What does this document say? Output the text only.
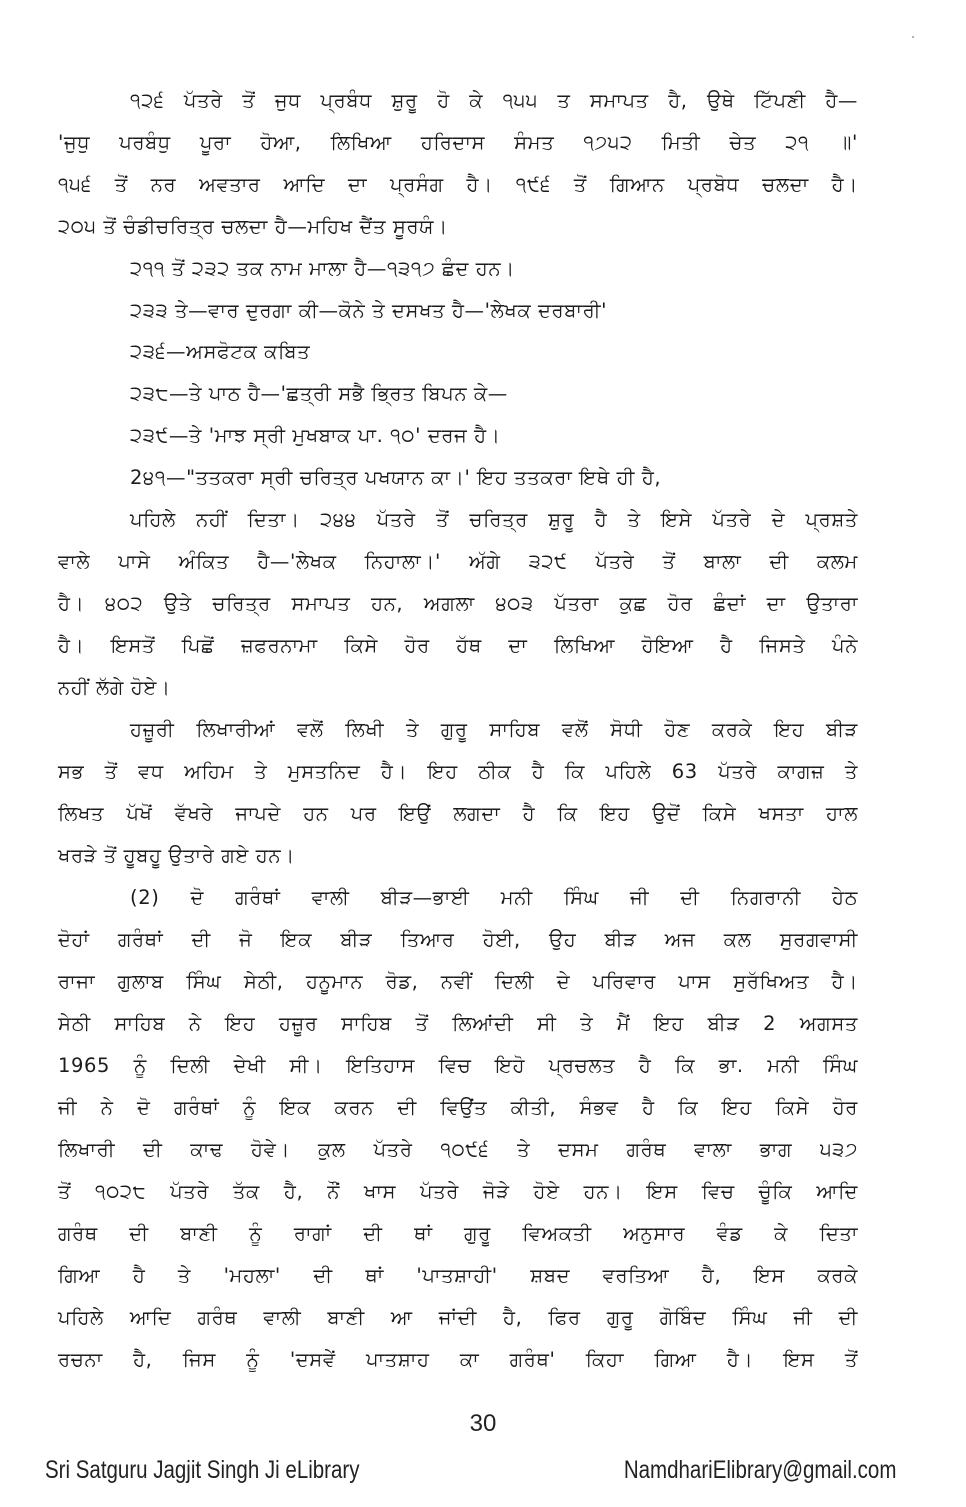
੧੨੬ ਪੱਤਰੇ ਤੋਂ ਜੁਧ ਪ੍ਰਬੰਧ ਸ਼ੁਰੂ ਹੋ ਕੇ ੧੫੫ ਤ ਸਮਾਪਤ ਹੈ, ਉਥੇ ਟਿੱਪਣੀ ਹੈ—
'ਜੁਧੁ ਪਰਬੰਧੁ ਪੂਰਾ ਹੋਆ, ਲਿਖਿਆ ਹਰਿਦਾਸ ਸੰਮਤ ੧੭੫੨ ਮਿਤੀ ਚੇਤ ੨੧ ॥'
੧੫੬ ਤੋਂ ਨਰ ਅਵਤਾਰ ਆਦਿ ਦਾ ਪ੍ਰਸੰਗ ਹੈ। ੧੯੬ ਤੋਂ ਗਿਆਨ ਪ੍ਰਬੋਧ ਚਲਦਾ ਹੈ।
੨੦੫ ਤੋਂ ਚੰਡੀਚਰਿਤ੍ਰ ਚਲਦਾ ਹੈ—ਮਹਿਖ ਦੈਂਤ ਸੂਰਯੰ।
੨੧੧ ਤੋਂ ੨੩੨ ਤਕ ਨਾਮ ਮਾਲਾ ਹੈ—੧੩੧੭ ਛੰਦ ਹਨ।
੨੩੩ ਤੇ—ਵਾਰ ਦੁਰਗਾ ਕੀ—ਕੋਨੇ ਤੇ ਦਸਖਤ ਹੈ—'ਲੇਖਕ ਦਰਬਾਰੀ'
੨੩੬—ਅਸਫੋਟਕ ਕਬਿਤ
੨੩੮—ਤੇ ਪਾਠ ਹੈ—'ਛਤ੍ਰੀ ਸਭੈ ਭ੍ਰਿਤ ਬਿਪਨ ਕੇ—
੨੩੯—ਤੇ 'ਮਾਝ ਸ੍ਰੀ ਮੁਖਬਾਕ ਪਾ. ੧੦' ਦਰਜ ਹੈ।
2੪੧—"ਤਤਕਰਾ ਸ੍ਰੀ ਚਰਿਤ੍ਰ ਪਖਯਾਨ ਕਾ।' ਇਹ ਤਤਕਰਾ ਇਥੇ ਹੀ ਹੈ,
ਪਹਿਲੇ ਨਹੀਂ ਦਿਤਾ। ੨੪੪ ਪੱਤਰੇ ਤੋਂ ਚਰਿਤ੍ਰ ਸ਼ੁਰੂ ਹੈ ਤੇ ਇਸੇ ਪੱਤਰੇ ਦੇ ਪ੍ਰਸ਼ਤੇ
ਵਾਲੇ ਪਾਸੇ ਅੰਕਿਤ ਹੈ—'ਲੇਖਕ ਨਿਹਾਲਾ।' ਅੱਗੇ ੩੨੯ ਪੱਤਰੇ ਤੋਂ ਬਾਲਾ ਦੀ ਕਲਮ
ਹੈ। ੪੦੨ ਉਤੇ ਚਰਿਤ੍ਰ ਸਮਾਪਤ ਹਨ, ਅਗਲਾ ੪੦੩ ਪੱਤਰਾ ਕੁਛ ਹੋਰ ਛੰਦਾਂ ਦਾ ਉਤਾਰਾ
ਹੈ। ਇਸਤੋਂ ਪਿਛੋਂ ਜ਼ਫਰਨਾਮਾ ਕਿਸੇ ਹੋਰ ਹੱਥ ਦਾ ਲਿਖਿਆ ਹੋਇਆ ਹੈ ਜਿਸਤੇ ਪੰਨੇ
ਨਹੀਂ ਲੱਗੇ ਹੋਏ।
ਹਜ਼ੂਰੀ ਲਿਖਾਰੀਆਂ ਵਲੋਂ ਲਿਖੀ ਤੇ ਗੁਰੂ ਸਾਹਿਬ ਵਲੋਂ ਸੋਧੀ ਹੋਣ ਕਰਕੇ ਇਹ ਬੀੜ
ਸਭ ਤੋਂ ਵਧ ਅਹਿਮ ਤੇ ਮੁਸਤਨਿਦ ਹੈ। ਇਹ ਠੀਕ ਹੈ ਕਿ ਪਹਿਲੇ 63 ਪੱਤਰੇ ਕਾਗਜ਼ ਤੇ
ਲਿਖਤ ਪੱਖੋਂ ਵੱਖਰੇ ਜਾਪਦੇ ਹਨ ਪਰ ਇਉਂ ਲਗਦਾ ਹੈ ਕਿ ਇਹ ਉਦੋਂ ਕਿਸੇ ਖਸਤਾ ਹਾਲ
ਖਰੜੇ ਤੋਂ ਹੂਬਹੂ ਉਤਾਰੇ ਗਏ ਹਨ।
(2) ਦੋ ਗਰੰਥਾਂ ਵਾਲੀ ਬੀੜ—ਭਾਈ ਮਨੀ ਸਿੰਘ ਜੀ ਦੀ ਨਿਗਰਾਨੀ ਹੇਠ
ਦੋਹਾਂ ਗਰੰਥਾਂ ਦੀ ਜੋ ਇਕ ਬੀੜ ਤਿਆਰ ਹੋਈ, ਉਹ ਬੀੜ ਅਜ ਕਲ ਸੁਰਗਵਾਸੀ
ਰਾਜਾ ਗੁਲਾਬ ਸਿੰਘ ਸੇਠੀ, ਹਨੂਮਾਨ ਰੋਡ, ਨਵੀਂ ਦਿਲੀ ਦੇ ਪਰਿਵਾਰ ਪਾਸ ਸੁਰੱਖਿਅਤ ਹੈ।
ਸੇਠੀ ਸਾਹਿਬ ਨੇ ਇਹ ਹਜ਼ੂਰ ਸਾਹਿਬ ਤੋਂ ਲਿਆਂਦੀ ਸੀ ਤੇ ਮੈਂ ਇਹ ਬੀੜ 2 ਅਗਸਤ
1965 ਨੂੰ ਦਿਲੀ ਦੇਖੀ ਸੀ। ਇਤਿਹਾਸ ਵਿਚ ਇਹੋ ਪ੍ਰਚਲਤ ਹੈ ਕਿ ਭਾ. ਮਨੀ ਸਿੰਘ
ਜੀ ਨੇ ਦੋ ਗਰੰਥਾਂ ਨੂੰ ਇਕ ਕਰਨ ਦੀ ਵਿਉਂਤ ਕੀਤੀ, ਸੰਭਵ ਹੈ ਕਿ ਇਹ ਕਿਸੇ ਹੋਰ
ਲਿਖਾਰੀ ਦੀ ਕਾਢ ਹੋਵੇ। ਕੁਲ ਪੱਤਰੇ ੧੦੯੬ ਤੇ ਦਸਮ ਗਰੰਥ ਵਾਲਾ ਭਾਗ ੫੩੭
ਤੋਂ ੧੦੨੮ ਪੱਤਰੇ ਤੱਕ ਹੈ, ਨੌਂ ਖਾਸ ਪੱਤਰੇ ਜੋੜੇ ਹੋਏ ਹਨ। ਇਸ ਵਿਚ ਚੂੰਕਿ ਆਦਿ
ਗਰੰਥ ਦੀ ਬਾਣੀ ਨੂੰ ਰਾਗਾਂ ਦੀ ਥਾਂ ਗੁਰੂ ਵਿਅਕਤੀ ਅਨੁਸਾਰ ਵੰਡ ਕੇ ਦਿਤਾ
ਗਿਆ ਹੈ ਤੇ 'ਮਹਲਾ' ਦੀ ਥਾਂ 'ਪਾਤਸ਼ਾਹੀ' ਸ਼ਬਦ ਵਰਤਿਆ ਹੈ, ਇਸ ਕਰਕੇ
ਪਹਿਲੇ ਆਦਿ ਗਰੰਥ ਵਾਲੀ ਬਾਣੀ ਆ ਜਾਂਦੀ ਹੈ, ਫਿਰ ਗੁਰੂ ਗੋਬਿੰਦ ਸਿੰਘ ਜੀ ਦੀ
ਰਚਨਾ ਹੈ, ਜਿਸ ਨੂੰ 'ਦਸਵੇਂ ਪਾਤਸ਼ਾਹ ਕਾ ਗਰੰਥ' ਕਿਹਾ ਗਿਆ ਹੈ। ਇਸ ਤੋਂ
30
Sri Satguru Jagjit Singh Ji eLibrary	NamdhariElibrary@gmail.com
